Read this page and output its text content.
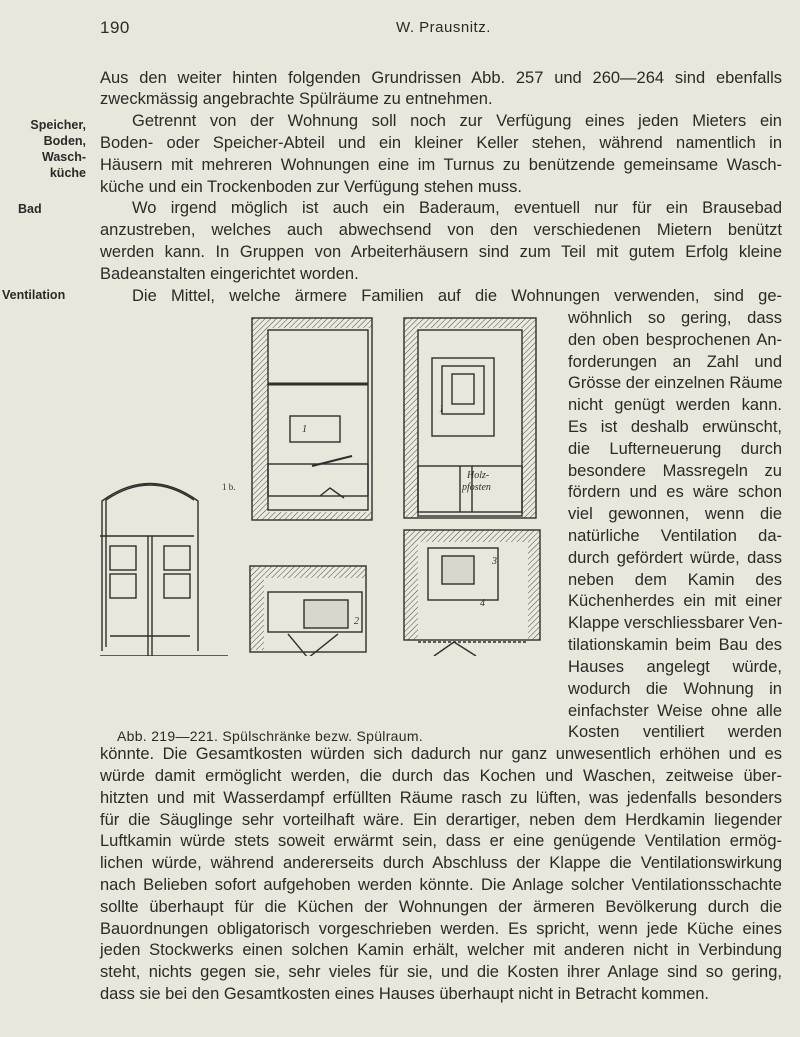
190	W. Prausnitz.
Speicher,
Boden,
Wasch-
küche
Bad
Ventilation
Aus den weiter hinten folgenden Grundrissen Abb. 257 und 260—264 sind ebenfalls
zweckmässig angebrachte Spülräume zu entnehmen.
Getrennt von der Wohnung soll noch zur Verfügung eines jeden Mieters ein
Boden- oder Speicher-Abteil und ein kleiner Keller stehen, während namentlich in
Häusern mit mehreren Wohnungen eine im Turnus zu benützende gemeinsame Wasch-
küche und ein Trockenboden zur Verfügung stehen muss.
Wo irgend möglich ist auch ein Baderaum, eventuell nur für ein Brausebad
anzustreben, welches auch abwechsend von den verschiedenen Mietern benützt
werden kann. In Gruppen von Arbeiterhäusern sind zum Teil mit gutem Erfolg kleine
Badeanstalten eingerichtet worden.
Die Mittel, welche ärmere Familien auf die Wohnungen verwenden, sind ge-
wöhnlich so gering, dass
den oben besprochenen An-
forderungen an Zahl und
Grösse der einzelnen Räume
nicht genügt werden kann.
Es ist deshalb erwünscht,
die Lufterneuerung durch
besondere Massregeln zu
fördern und es wäre schon
viel gewonnen, wenn die
natürliche Ventilation da-
durch gefördert würde, dass
neben dem Kamin des
Küchenherdes ein mit einer
Klappe verschliessbarer Ven-
tilationskamin beim Bau des
Hauses angelegt würde,
wodurch die Wohnung in
einfachster Weise ohne alle
Kosten ventiliert werden
Holz-
pfosten
1 b.
1
1
2
3
4
Abb. 219—221. Spülschränke bezw. Spülraum.
könnte. Die Gesamtkosten würden sich dadurch nur ganz unwesentlich erhöhen und es
würde damit ermöglicht werden, die durch das Kochen und Waschen, zeitweise über-
hitzten und mit Wasserdampf erfüllten Räume rasch zu lüften, was jedenfalls besonders
für die Säuglinge sehr vorteilhaft wäre. Ein derartiger, neben dem Herdkamin liegender
Luftkamin würde stets soweit erwärmt sein, dass er eine genügende Ventilation ermög-
lichen würde, während andererseits durch Abschluss der Klappe die Ventilationswirkung
nach Belieben sofort aufgehoben werden könnte. Die Anlage solcher Ventilationsschachte
sollte überhaupt für die Küchen der Wohnungen der ärmeren Bevölkerung durch die
Bauordnungen obligatorisch vorgeschrieben werden. Es spricht, wenn jede Küche eines
jeden Stockwerks einen solchen Kamin erhält, welcher mit anderen nicht in Verbindung
steht, nichts gegen sie, sehr vieles für sie, und die Kosten ihrer Anlage sind so gering,
dass sie bei den Gesamtkosten eines Hauses überhaupt nicht in Betracht kommen.
